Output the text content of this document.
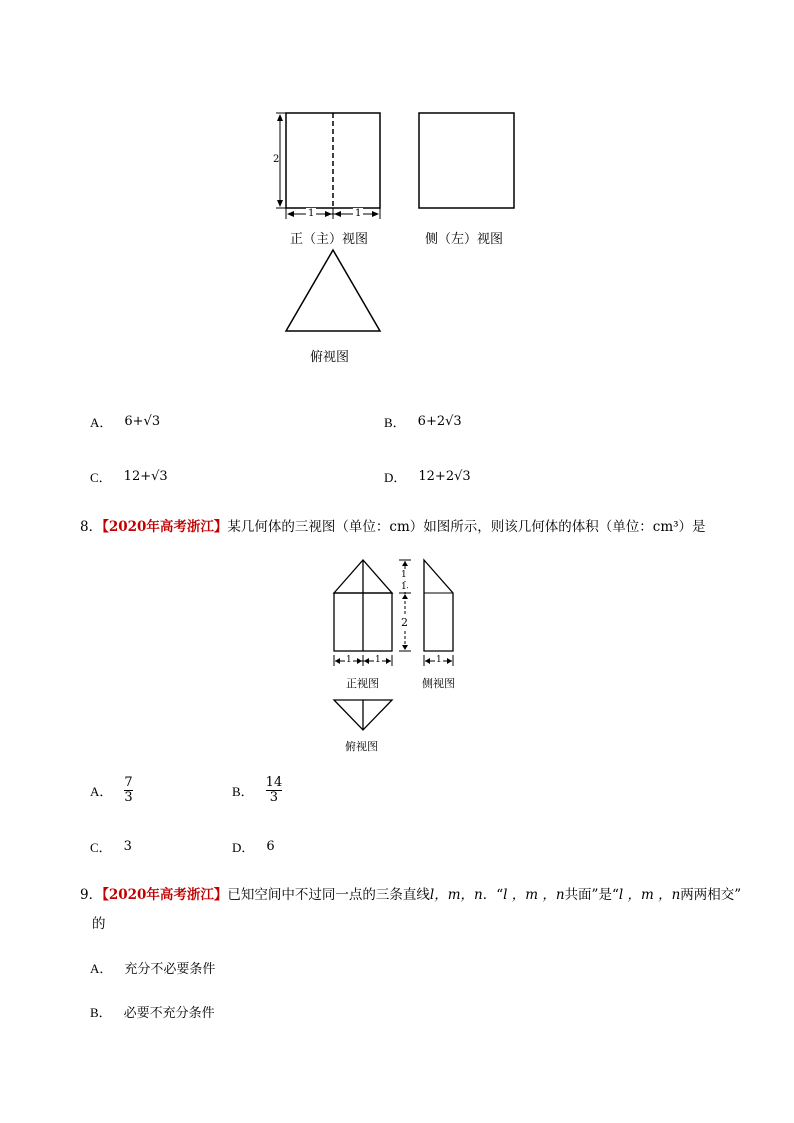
2
1	1
正（主）视图	侧（左）视图
俯视图
A． 6+√3	B． 6+2√3
C． 12+√3	D． 12+2√3
8．【2020年高考浙江】某几何体的三视图（单位：cm）如图所示，则该几何体的体积（单位：cm³）是
1
1
2
1	1	1
正视图	侧视图
俯视图
A． $\frac{7}{3}$	B． $\frac{14}{3}$
C． 3	D． 6
9．【2020年高考浙江】已知空间中不过同一点的三条直线l，m，n．“l ，m ，n共面”是“l ，m ，n两两相交”
的
A． 充分不必要条件
B． 必要不充分条件
